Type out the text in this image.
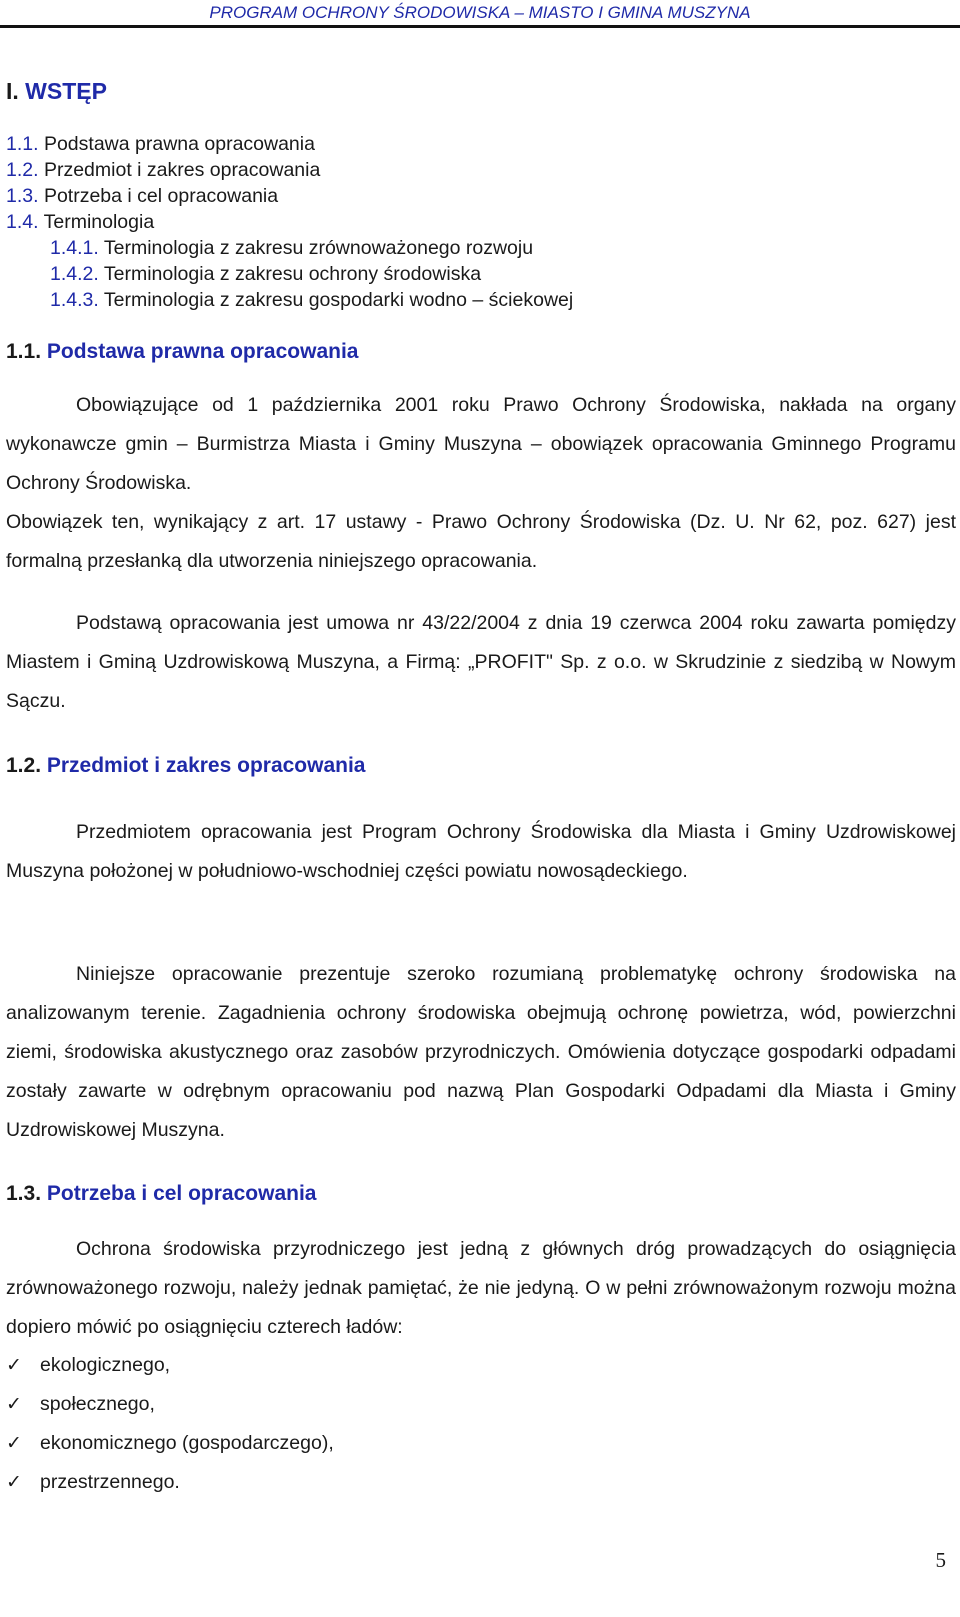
PROGRAM OCHRONY ŚRODOWISKA – MIASTO I GMINA MUSZYNA
I. WSTĘP
1.1. Podstawa prawna opracowania
1.2. Przedmiot i zakres opracowania
1.3. Potrzeba i cel opracowania
1.4. Terminologia
1.4.1. Terminologia z zakresu zrównoważonego rozwoju
1.4.2. Terminologia z zakresu ochrony środowiska
1.4.3. Terminologia z zakresu gospodarki wodno – ściekowej
1.1. Podstawa prawna opracowania
Obowiązujące od 1 października 2001 roku Prawo Ochrony Środowiska, nakłada na organy wykonawcze gmin – Burmistrza Miasta i Gminy Muszyna – obowiązek opracowania Gminnego Programu Ochrony Środowiska.
Obowiązek ten, wynikający z art. 17 ustawy - Prawo Ochrony Środowiska (Dz. U. Nr 62, poz. 627) jest formalną przesłanką dla utworzenia niniejszego opracowania.
Podstawą opracowania jest umowa nr 43/22/2004 z dnia 19 czerwca 2004 roku zawarta pomiędzy Miastem i Gminą Uzdrowiskową Muszyna, a Firmą: „PROFIT" Sp. z o.o. w Skrudzinie z siedzibą w Nowym Sączu.
1.2. Przedmiot i zakres opracowania
Przedmiotem opracowania jest Program Ochrony Środowiska dla Miasta i Gminy Uzdrowiskowej Muszyna położonej w południowo-wschodniej części powiatu nowosądeckiego.
Niniejsze opracowanie prezentuje szeroko rozumianą problematykę ochrony środowiska na analizowanym terenie. Zagadnienia ochrony środowiska obejmują ochronę powietrza, wód, powierzchni ziemi, środowiska akustycznego oraz zasobów przyrodniczych. Omówienia dotyczące gospodarki odpadami zostały zawarte w odrębnym opracowaniu pod nazwą Plan Gospodarki Odpadami dla Miasta i Gminy Uzdrowiskowej Muszyna.
1.3. Potrzeba i cel opracowania
Ochrona środowiska przyrodniczego jest jedną z głównych dróg prowadzących do osiągnięcia zrównoważonego rozwoju, należy jednak pamiętać, że nie jedyną. O w pełni zrównoważonym rozwoju można dopiero mówić po osiągnięciu czterech ładów:
✓ ekologicznego,
✓ społecznego,
✓ ekonomicznego (gospodarczego),
✓ przestrzennego.
5
